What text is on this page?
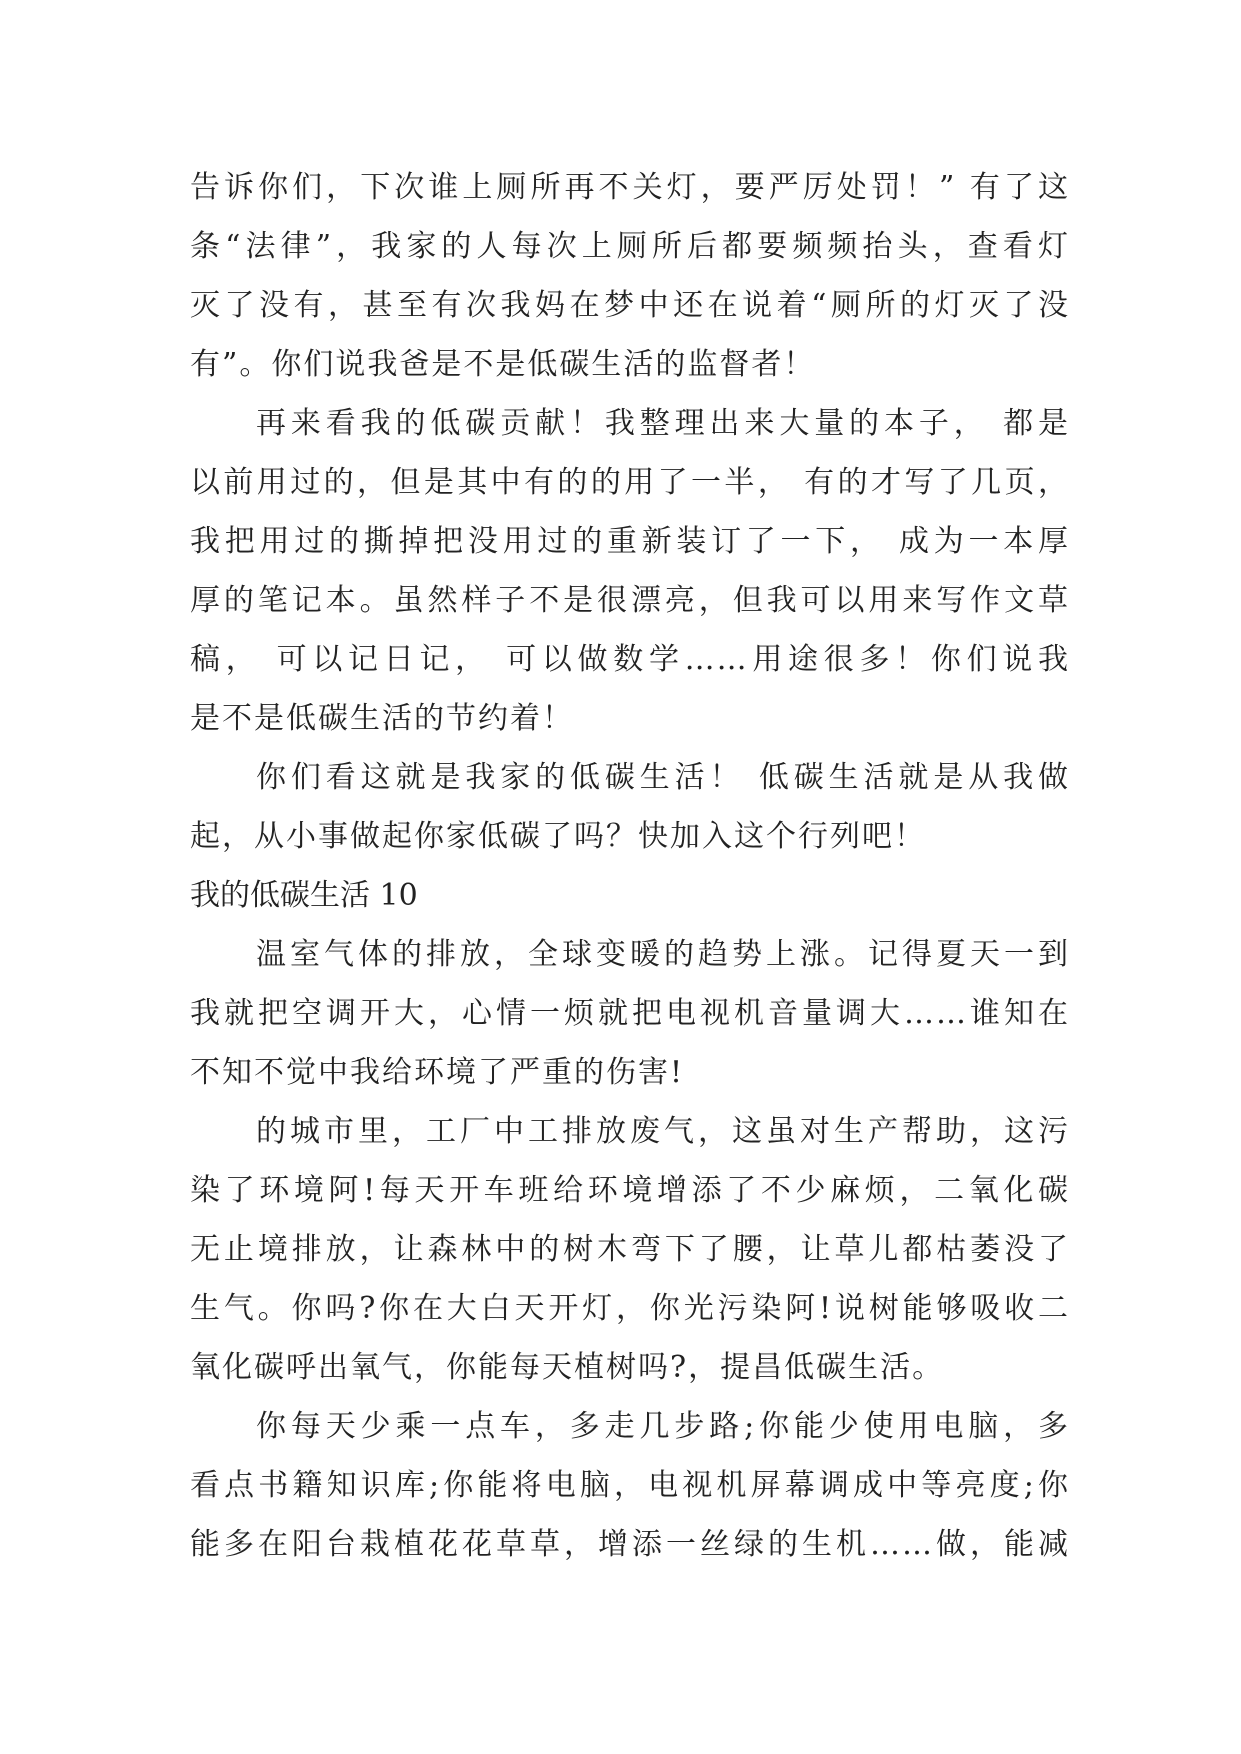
告诉你们，下次谁上厕所再不关灯，要严厉处罚！” 有了这
条“法律”，我家的人每次上厕所后都要频频抬头，查看灯
灭了没有，甚至有次我妈在梦中还在说着“厕所的灯灭了没
有”。你们说我爸是不是低碳生活的监督者！
再来看我的低碳贡献！我整理出来大量的本子， 都是
以前用过的，但是其中有的的用了一半， 有的才写了几页，
我把用过的撕掉把没用过的重新装订了一下， 成为一本厚
厚的笔记本。虽然样子不是很漂亮，但我可以用来写作文草
稿， 可以记日记， 可以做数学……用途很多！你们说我
是不是低碳生活的节约着！
你们看这就是我家的低碳生活！ 低碳生活就是从我做
起，从小事做起你家低碳了吗？快加入这个行列吧！
我的低碳生活 10
温室气体的排放，全球变暖的趋势上涨。记得夏天一到
我就把空调开大，心情一烦就把电视机音量调大……谁知在
不知不觉中我给环境了严重的伤害!
的城市里，工厂中工排放废气，这虽对生产帮助，这污
染了环境阿!每天开车班给环境增添了不少麻烦，二氧化碳
无止境排放，让森林中的树木弯下了腰，让草儿都枯萎没了
生气。你吗?你在大白天开灯，你光污染阿!说树能够吸收二
氧化碳呼出氧气，你能每天植树吗?，提昌低碳生活。
你每天少乘一点车，多走几步路;你能少使用电脑，多
看点书籍知识库;你能将电脑，电视机屏幕调成中等亮度;你
能多在阳台栽植花花草草，增添一丝绿的生机……做，能减
